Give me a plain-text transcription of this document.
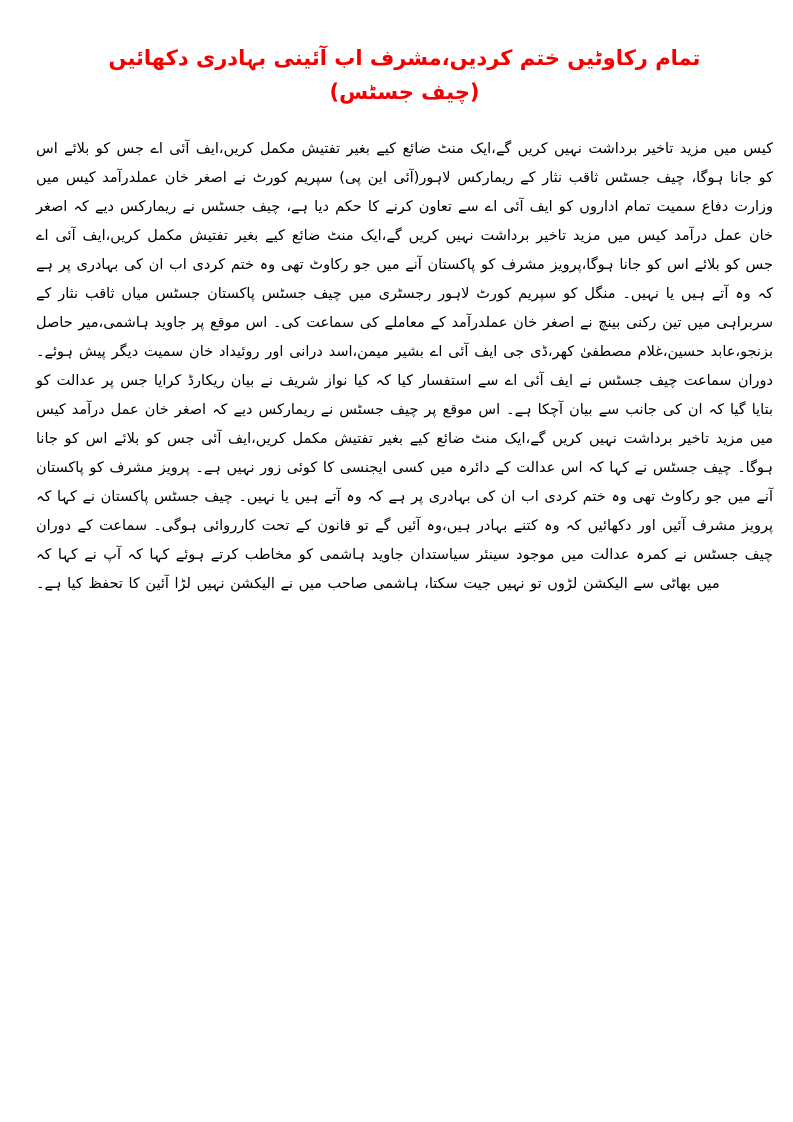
تمام رکاوٹیں ختم کردیں،مشرف اب آئینی بہادری دکھائیں (چیف جسٹس)

کیس میں مزید تاخیر برداشت نہیں کریں گے،ایک منٹ ضائع کیے بغیر تفتیش مکمل کریں،ایف آئی اے جس کو بلائے اس کو جانا ہوگا، چیف جسٹس ثاقب نثار کے ریمارکس لاہور(آئی این پی) سپریم کورٹ نے اصغر خان عملدرآمد کیس میں وزارت دفاع سمیت تمام اداروں کو ایف آئی اے سے تعاون کرنے کا حکم دیا ہے، چیف جسٹس نے ریمارکس دیے کہ اصغر خان عمل درآمد کیس میں مزید تاخیر برداشت نہیں کریں گے،ایک منٹ ضائع کیے بغیر تفتیش مکمل کریں،ایف آئی اے جس کو بلائے اس کو جانا ہوگا،پرویز مشرف کو پاکستان آنے میں جو رکاوٹ تھی وہ ختم کردی اب ان کی بہادری پر ہے کہ وہ آتے ہیں یا نہیں۔ منگل کو سپریم کورٹ لاہور رجسٹری میں چیف جسٹس پاکستان جسٹس میاں ثاقب نثار کے سربراہی میں تین رکنی بینچ نے اصغر خان عملدرآمد کے معاملے کی سماعت کی۔ اس موقع پر جاوید ہاشمی،میر حاصل بزنجو،عابد حسین،غلام مصطفیٰ کھر،ڈی جی ایف آئی اے بشیر میمن،اسد درانی اور روئیداد خان سمیت دیگر پیش ہوئے۔ دوران سماعت چیف جسٹس نے ایف آئی اے سے استفسار کیا کہ کیا نواز شریف نے بیان ریکارڈ کرایا جس پر عدالت کو بتایا گیا کہ ان کی جانب سے بیان آچکا ہے۔ اس موقع پر چیف جسٹس نے ریمارکس دیے کہ اصغر خان عمل درآمد کیس میں مزید تاخیر برداشت نہیں کریں گے،ایک منٹ ضائع کیے بغیر تفتیش مکمل کریں،ایف آئی جس کو بلائے اس کو جانا ہوگا۔ چیف جسٹس نے کہا کہ اس عدالت کے دائرہ میں کسی ایجنسی کا کوئی زور نہیں ہے۔ پرویز مشرف کو پاکستان آنے میں جو رکاوٹ تھی وہ ختم کردی اب ان کی بہادری پر ہے کہ وہ آتے ہیں یا نہیں۔ چیف جسٹس پاکستان نے کہا کہ پرویز مشرف آئیں اور دکھائیں کہ وہ کتنے بہادر ہیں،وہ آئیں گے تو قانون کے تحت کارروائی ہوگی۔ سماعت کے دوران چیف جسٹس نے کمرہ عدالت میں موجود سینئر سیاستدان جاوید ہاشمی کو مخاطب کرتے ہوئے کہا کہ آپ نے کہا کہ میں بھاٹی سے الیکشن لڑوں تو نہیں جیت سکتا، ہاشمی صاحب میں نے الیکشن نہیں لڑا آئین کا تحفظ کیا ہے۔
